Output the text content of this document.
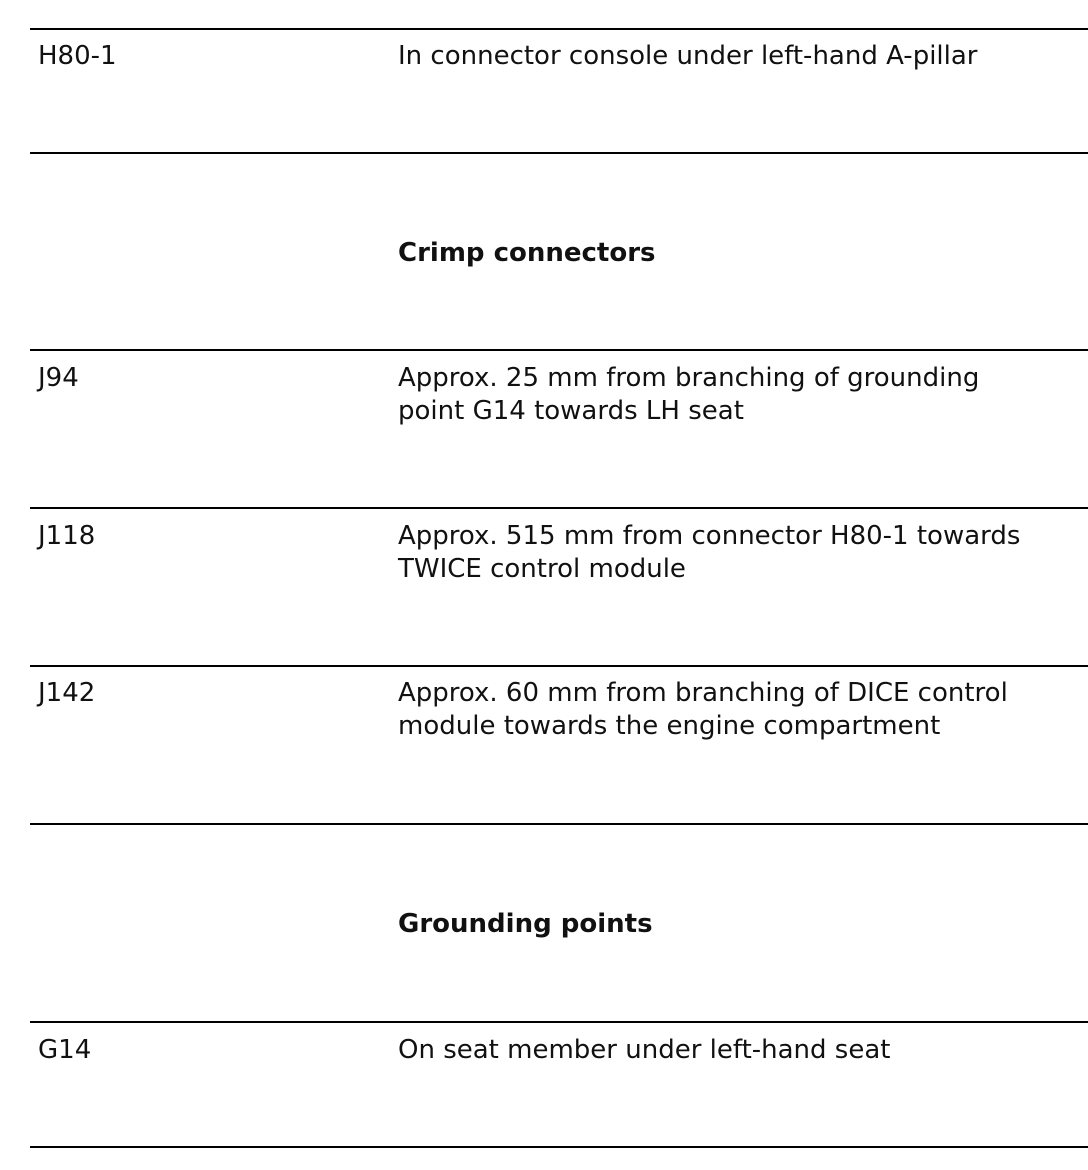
H80-1	In connector console under left-hand A-pillar
Crimp connectors
J94	Approx. 25 mm from branching of grounding
point G14 towards LH seat
J118	Approx. 515 mm from connector H80-1 towards
TWICE control module
J142	Approx. 60 mm from branching of DICE control
module towards the engine compartment
Grounding points
G14	On seat member under left-hand seat
